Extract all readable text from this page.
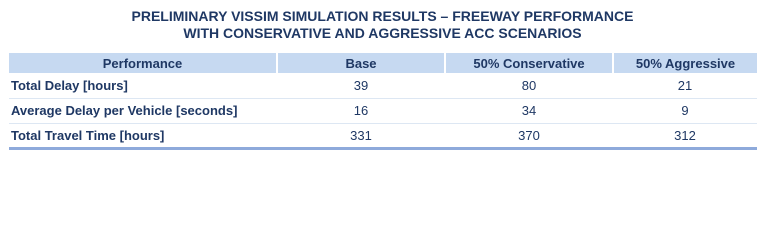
PRELIMINARY VISSIM SIMULATION RESULTS – FREEWAY PERFORMANCE
WITH CONSERVATIVE AND AGGRESSIVE ACC SCENARIOS
Performance	Base	50% Conservative	50% Aggressive
Total Delay [hours]	39	80	21
Average Delay per Vehicle [seconds]	16	34	9
Total Travel Time [hours]	331	370	312
